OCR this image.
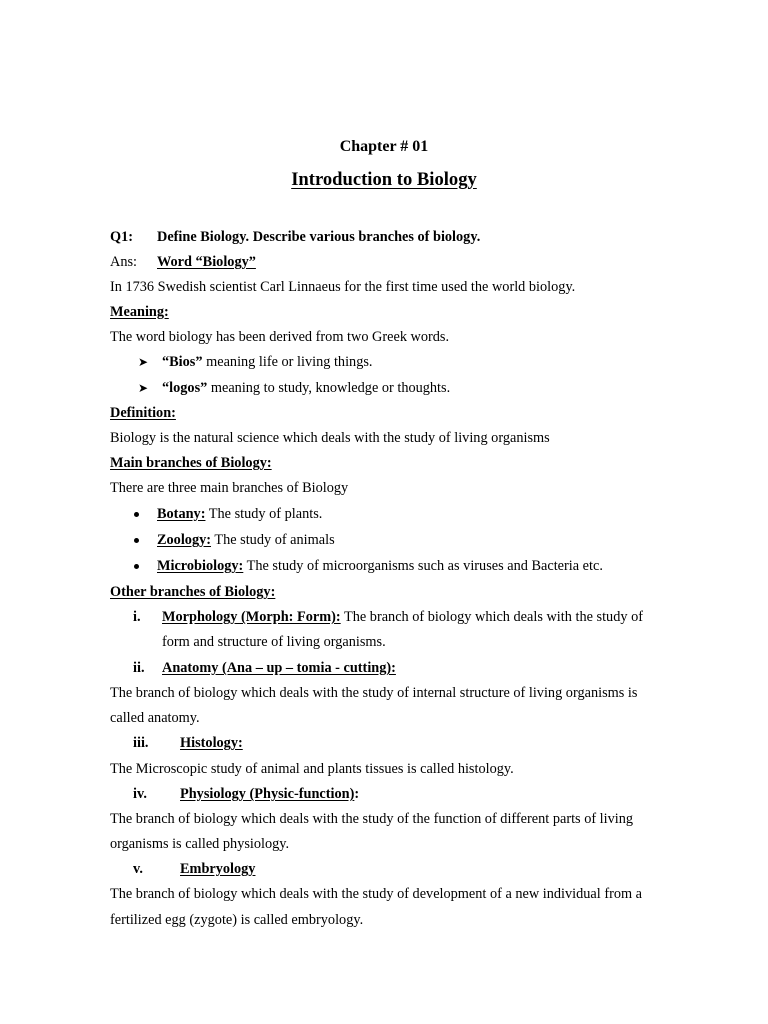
Chapter # 01
Introduction to Biology
Q1: Define Biology. Describe various branches of biology.
Ans: Word “Biology”
In 1736 Swedish scientist Carl Linnaeus for the first time used the world biology.
Meaning:
The word biology has been derived from two Greek words.
➤ “Bios” meaning life or living things.
➤ “logos” meaning to study, knowledge or thoughts.
Definition:
Biology is the natural science which deals with the study of living organisms
Main branches of Biology:
There are three main branches of Biology
Botany: The study of plants.
Zoology: The study of animals
Microbiology: The study of microorganisms such as viruses and Bacteria etc.
Other branches of Biology:
i. Morphology (Morph: Form): The branch of biology which deals with the study of
form and structure of living organisms.
ii. Anatomy (Ana – up – tomia - cutting):
The branch of biology which deals with the study of internal structure of living organisms is
called anatomy.
iii. Histology:
The Microscopic study of animal and plants tissues is called histology.
iv. Physiology (Physic-function):
The branch of biology which deals with the study of the function of different parts of living
organisms is called physiology.
v.	Embryology
The branch of biology which deals with the study of development of a new individual from a
fertilized egg (zygote) is called embryology.
